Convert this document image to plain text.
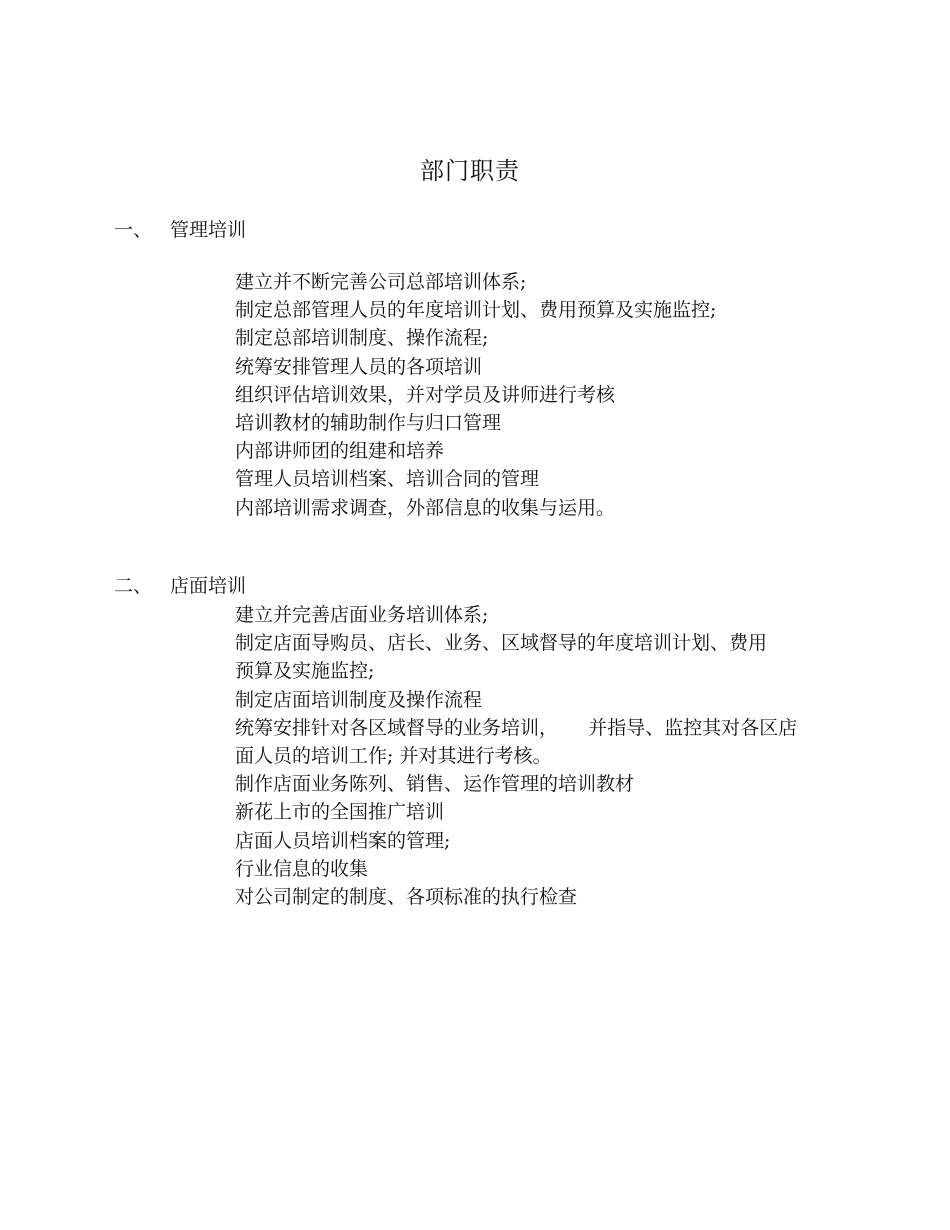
部门职责
一、 管理培训
建立并不断完善公司总部培训体系;
制定总部管理人员的年度培训计划、费用预算及实施监控;
制定总部培训制度、操作流程;
统筹安排管理人员的各项培训
组织评估培训效果，并对学员及讲师进行考核
培训教材的辅助制作与归口管理
内部讲师团的组建和培养
管理人员培训档案、培训合同的管理
内部培训需求调查，外部信息的收集与运用。
二、 店面培训
建立并完善店面业务培训体系;
制定店面导购员、店长、业务、区域督导的年度培训计划、费用
预算及实施监控;
制定店面培训制度及操作流程
统筹安排针对各区域督导的业务培训，     并指导、监控其对各区店
面人员的培训工作; 并对其进行考核。
制作店面业务陈列、销售、运作管理的培训教材
新花上市的全国推广培训
店面人员培训档案的管理;
行业信息的收集
对公司制定的制度、各项标准的执行检查
